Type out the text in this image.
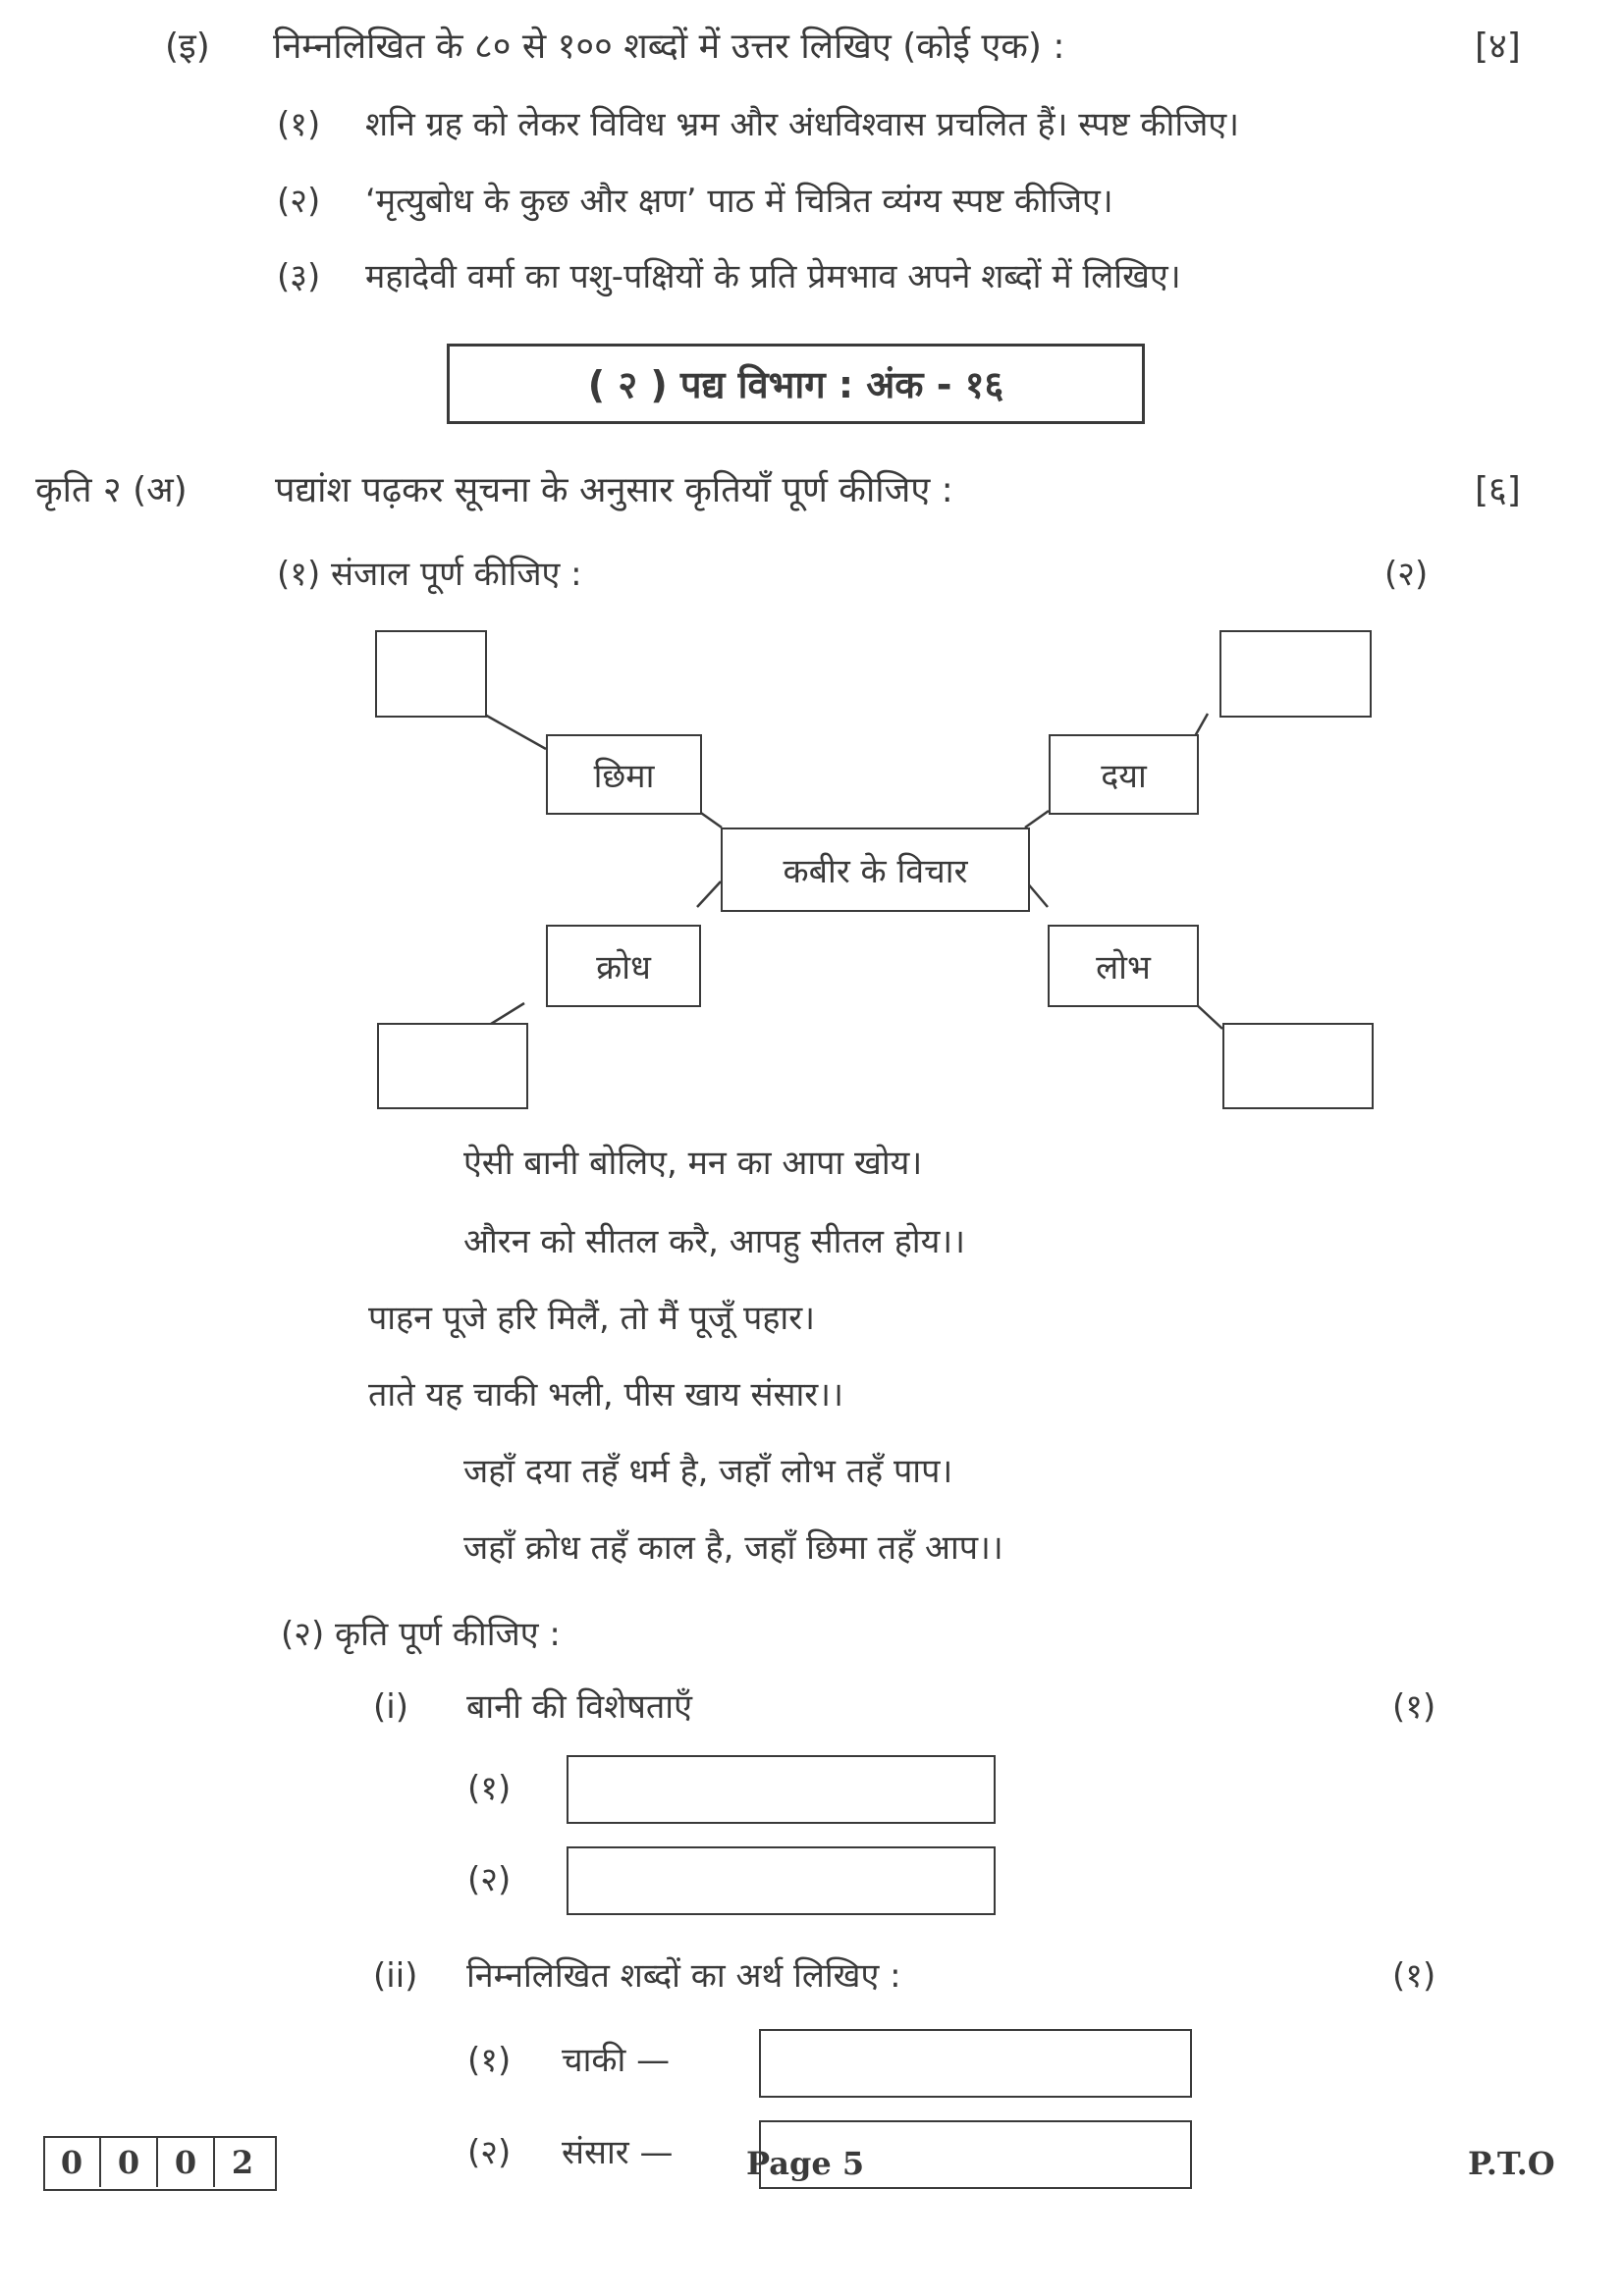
(इ) निम्नलिखित के ८० से १०० शब्दों में उत्तर लिखिए (कोई एक) :	[४]
(१) शनि ग्रह को लेकर विविध भ्रम और अंधविश्वास प्रचलित हैं। स्पष्ट कीजिए।
(२) ‘मृत्युबोध के कुछ और क्षण’ पाठ में चित्रित व्यंग्य स्पष्ट कीजिए।
(३) महादेवी वर्मा का पशु-पक्षियों के प्रति प्रेमभाव अपने शब्दों में लिखिए।
( २ ) पद्य विभाग : अंक - १६
कृति २ (अ) पद्यांश पढ़कर सूचना के अनुसार कृतियाँ पूर्ण कीजिए :	[६]
(१) संजाल पूर्ण कीजिए :	(२)
छिमा	दया
कबीर के विचार
क्रोध	लोभ
ऐसी बानी बोलिए, मन का आपा खोय।
औरन को सीतल करै, आपहु सीतल होय।।
पाहन पूजे हरि मिलैं, तो मैं पूजूँ पहार।
ताते यह चाकी भली, पीस खाय संसार।।
जहाँ दया तहँ धर्म है, जहाँ लोभ तहँ पाप।
जहाँ क्रोध तहँ काल है, जहाँ छिमा तहँ आप।।
(२) कृति पूर्ण कीजिए :
(i) बानी की विशेषताएँ	(१)
(१)
(२)
(ii) निम्नलिखित शब्दों का अर्थ लिखिए :	(१)
(१) चाकी —
(२) संसार —
0	0	0	2	Page 5	P.T.O
